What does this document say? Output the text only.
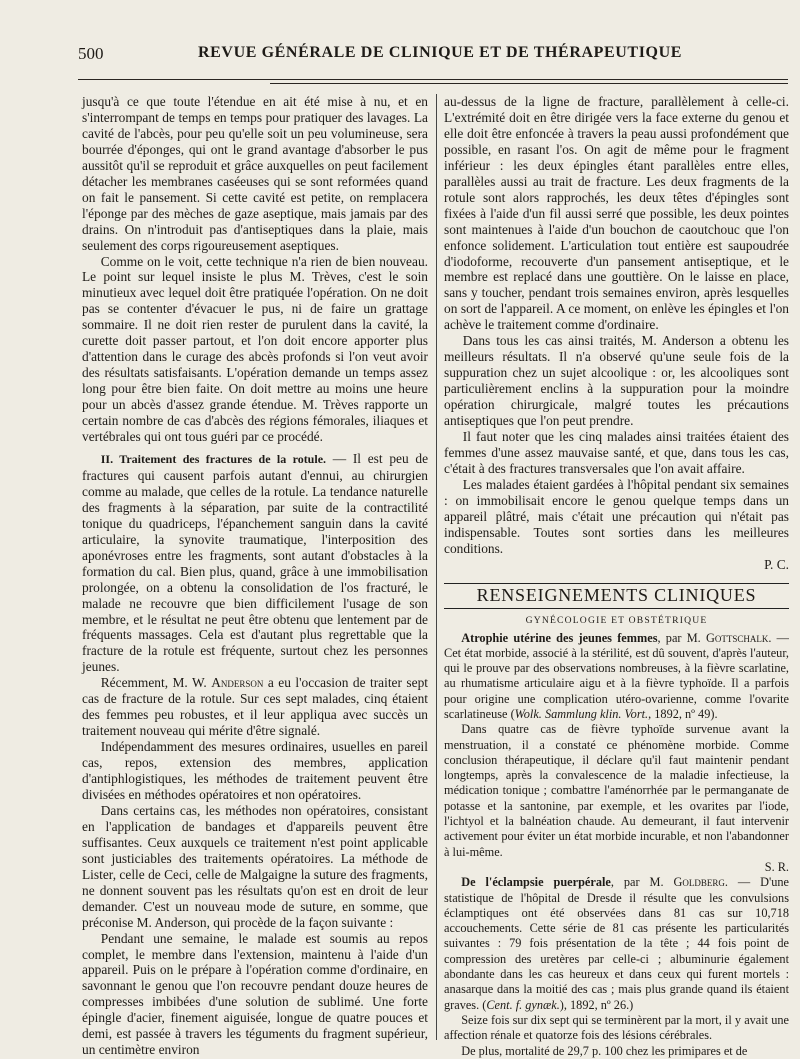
500	REVUE GÉNÉRALE DE CLINIQUE ET DE THÉRAPEUTIQUE

jusqu'à ce que toute l'étendue en ait été mise à nu, et en s'interrompant de temps en temps pour pratiquer des lavages. La cavité de l'abcès, pour peu qu'elle soit un peu volumineuse, sera bourrée d'éponges, qui ont le grand avantage d'absorber le pus aussitôt qu'il se reproduit et grâce auxquelles on peut facilement détacher les membranes caséeuses qui se sont reformées quand on fait le pansement. Si cette cavité est petite, on remplacera l'éponge par des mèches de gaze aseptique, mais jamais par des drains. On n'introduit pas d'antiseptiques dans la plaie, mais seulement des corps rigoureusement aseptiques.

Comme on le voit, cette technique n'a rien de bien nouveau. Le point sur lequel insiste le plus M. Trèves, c'est le soin minutieux avec lequel doit être pratiquée l'opération. On ne doit pas se contenter d'évacuer le pus, ni de faire un grattage sommaire. Il ne doit rien rester de purulent dans la cavité, la curette doit passer partout, et l'on doit encore apporter plus d'attention dans le curage des abcès profonds si l'on veut avoir des résultats satisfaisants. L'opération demande un temps assez long pour être bien faite. On doit mettre au moins une heure pour un abcès d'assez grande étendue. M. Trèves rapporte un certain nombre de cas d'abcès des régions fémorales, iliaques et vertébrales qui ont tous guéri par ce procédé.

II. Traitement des fractures de la rotule. — Il est peu de fractures qui causent parfois autant d'ennui, au chirurgien comme au malade, que celles de la rotule. La tendance naturelle des fragments à la séparation, par suite de la contractilité tonique du quadriceps, l'épanchement sanguin dans la cavité articulaire, la synovite traumatique, l'interposition des aponévroses entre les fragments, sont autant d'obstacles à la formation du cal. Bien plus, quand, grâce à une immobilisation prolongée, on a obtenu la consolidation de l'os fracturé, le malade ne recouvre que bien difficilement l'usage de son membre, et le résultat ne peut être obtenu que lentement par de fréquents massages. Cela est d'autant plus regrettable que la fracture de la rotule est fréquente, surtout chez les personnes jeunes.

Récemment, M. W. Anderson a eu l'occasion de traiter sept cas de fracture de la rotule. Sur ces sept malades, cinq étaient des femmes peu robustes, et il leur appliqua avec succès un traitement nouveau qui mérite d'être signalé.

Indépendamment des mesures ordinaires, usuelles en pareil cas, repos, extension des membres, application d'antiphlogistiques, les méthodes de traitement peuvent être divisées en méthodes opératoires et non opératoires.

Dans certains cas, les méthodes non opératoires, consistant en l'application de bandages et d'appareils peuvent être suffisantes. Ceux auxquels ce traitement n'est point applicable sont justiciables des traitements opératoires. La méthode de Lister, celle de Ceci, celle de Malgaigne la suture des fragments, ne donnent souvent pas les résultats qu'on est en droit de leur demander. C'est un nouveau mode de suture, en somme, que préconise M. Anderson, qui procède de la façon suivante :

Pendant une semaine, le malade est soumis au repos complet, le membre dans l'extension, maintenu à l'aide d'un appareil. Puis on le prépare à l'opération comme d'ordinaire, en savonnant le genou que l'on recouvre pendant douze heures de compresses imbibées d'une solution de sublimé. Une forte épingle d'acier, finement aiguisée, longue de quatre pouces et demi, est passée à travers les téguments du fragment supérieur, un centimètre environ

au-dessus de la ligne de fracture, parallèlement à celle-ci. L'extrémité doit en être dirigée vers la face externe du genou et elle doit être enfoncée à travers la peau aussi profondément que possible, en rasant l'os. On agit de même pour le fragment inférieur : les deux épingles étant parallèles entre elles, parallèles aussi au trait de fracture. Les deux fragments de la rotule sont alors rapprochés, les deux têtes d'épingles sont fixées à l'aide d'un fil aussi serré que possible, les deux pointes sont maintenues à l'aide d'un bouchon de caoutchouc que l'on enfonce solidement. L'articulation tout entière est saupoudrée d'iodoforme, recouverte d'un pansement antiseptique, et le membre est replacé dans une gouttière. On le laisse en place, sans y toucher, pendant trois semaines environ, après lesquelles on sort de l'appareil. A ce moment, on enlève les épingles et l'on achève le traitement comme d'ordinaire.

Dans tous les cas ainsi traités, M. Anderson a obtenu les meilleurs résultats. Il n'a observé qu'une seule fois de la suppuration chez un sujet alcoolique : or, les alcooliques sont particulièrement enclins à la suppuration pour la moindre opération chirurgicale, malgré toutes les précautions antiseptiques que l'on peut prendre.

Il faut noter que les cinq malades ainsi traitées étaient des femmes d'une assez mauvaise santé, et que, dans tous les cas, c'était à des fractures transversales que l'on avait affaire.

Les malades étaient gardées à l'hôpital pendant six semaines : on immobilisait encore le genou quelque temps dans un appareil plâtré, mais c'était une précaution qui n'était pas indispensable. Toutes sont sorties dans les meilleures conditions.

P. C.

RENSEIGNEMENTS CLINIQUES
GYNÉCOLOGIE ET OBSTÉTRIQUE

Atrophie utérine des jeunes femmes, par M. Gottschalk. — Cet état morbide, associé à la stérilité, est dû souvent, d'après l'auteur, qui le prouve par des observations nombreuses, à la fièvre scarlatine, au rhumatisme articulaire aigu et à la fièvre typhoïde. Il a parfois pour origine une complication utéro-ovarienne, comme l'ovarite scarlatineuse (Wolk. Sammlung klin. Vort., 1892, nº 49).

Dans quatre cas de fièvre typhoïde survenue avant la menstruation, il a constaté ce phénomène morbide. Comme conclusion thérapeutique, il déclare qu'il faut maintenir pendant longtemps, après la convalescence de la maladie infectieuse, la médication tonique ; combattre l'aménorrhée par le permanganate de potasse et la santonine, par exemple, et les ovarites par l'iode, l'ichtyol et la balnéation chaude. Au demeurant, il faut intervenir activement pour éviter un état morbide incurable, et non l'abandonner à lui-même.

S. R.

De l'éclampsie puerpérale, par M. Goldberg. — D'une statistique de l'hôpital de Dresde il résulte que les convulsions éclamptiques ont été observées dans 81 cas sur 10,718 accouchements. Cette série de 81 cas présente les particularités suivantes : 79 fois présentation de la tête ; 44 fois point de compression des uretères par celle-ci ; albuminurie également abondante dans les cas heureux et dans ceux qui furent mortels : anasarque dans la moitié des cas ; mais plus grande quand ils étaient graves. (Cent. f. gynæk.), 1892, nº 26.)

Seize fois sur dix sept qui se terminèrent par la mort, il y avait une affection rénale et quatorze fois des lésions cérébrales.

De plus, mortalité de 29,7 p. 100 chez les primipares et de
